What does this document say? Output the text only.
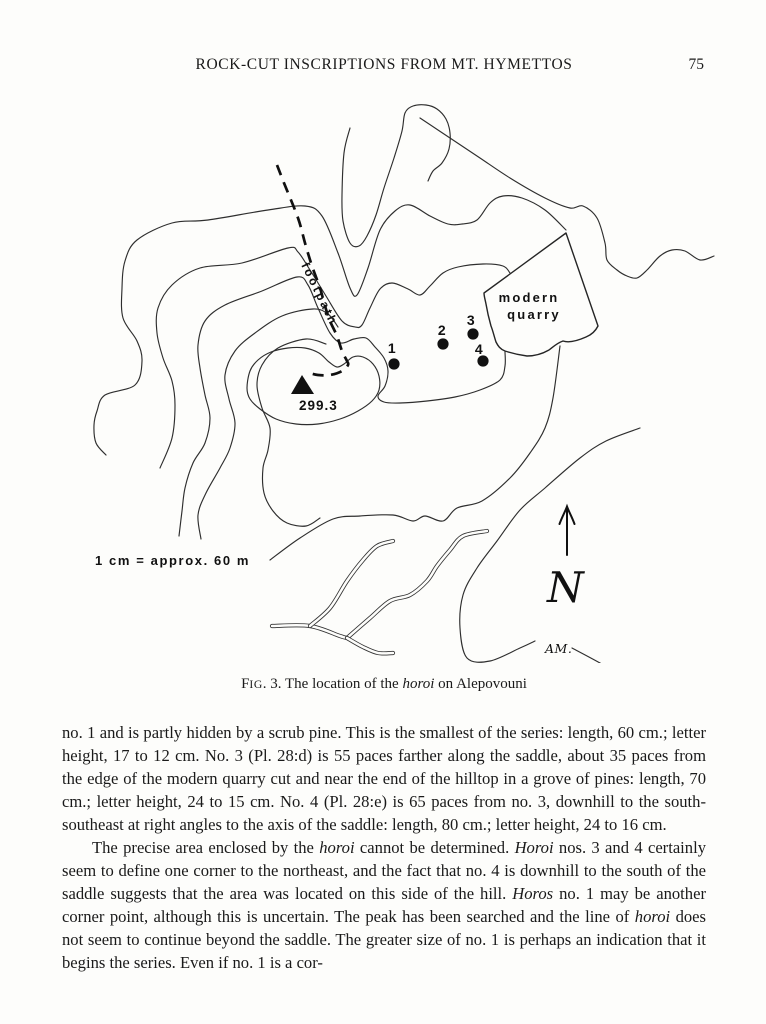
ROCK-CUT INSCRIPTIONS FROM MT. HYMETTOS	75
299.3
footpath	modern
quarry
1
2
3
4
1 cm = approx. 60 m
N
AM.
FIG. 3. The location of the horoi on Alepovouni

no. 1 and is partly hidden by a scrub pine. This is the smallest of the series: length, 60 cm.; letter height, 17 to 12 cm. No. 3 (Pl. 28:d) is 55 paces farther along the saddle, about 35 paces from the edge of the modern quarry cut and near the end of the hilltop in a grove of pines: length, 70 cm.; letter height, 24 to 15 cm. No. 4 (Pl. 28:e) is 65 paces from no. 3, downhill to the south-southeast at right angles to the axis of the saddle: length, 80 cm.; letter height, 24 to 16 cm.

The precise area enclosed by the horoi cannot be determined. Horoi nos. 3 and 4 certainly seem to define one corner to the northeast, and the fact that no. 4 is downhill to the south of the saddle suggests that the area was located on this side of the hill. Horos no. 1 may be another corner point, although this is uncertain. The peak has been searched and the line of horoi does not seem to continue beyond the saddle. The greater size of no. 1 is perhaps an indication that it begins the series. Even if no. 1 is a cor-
